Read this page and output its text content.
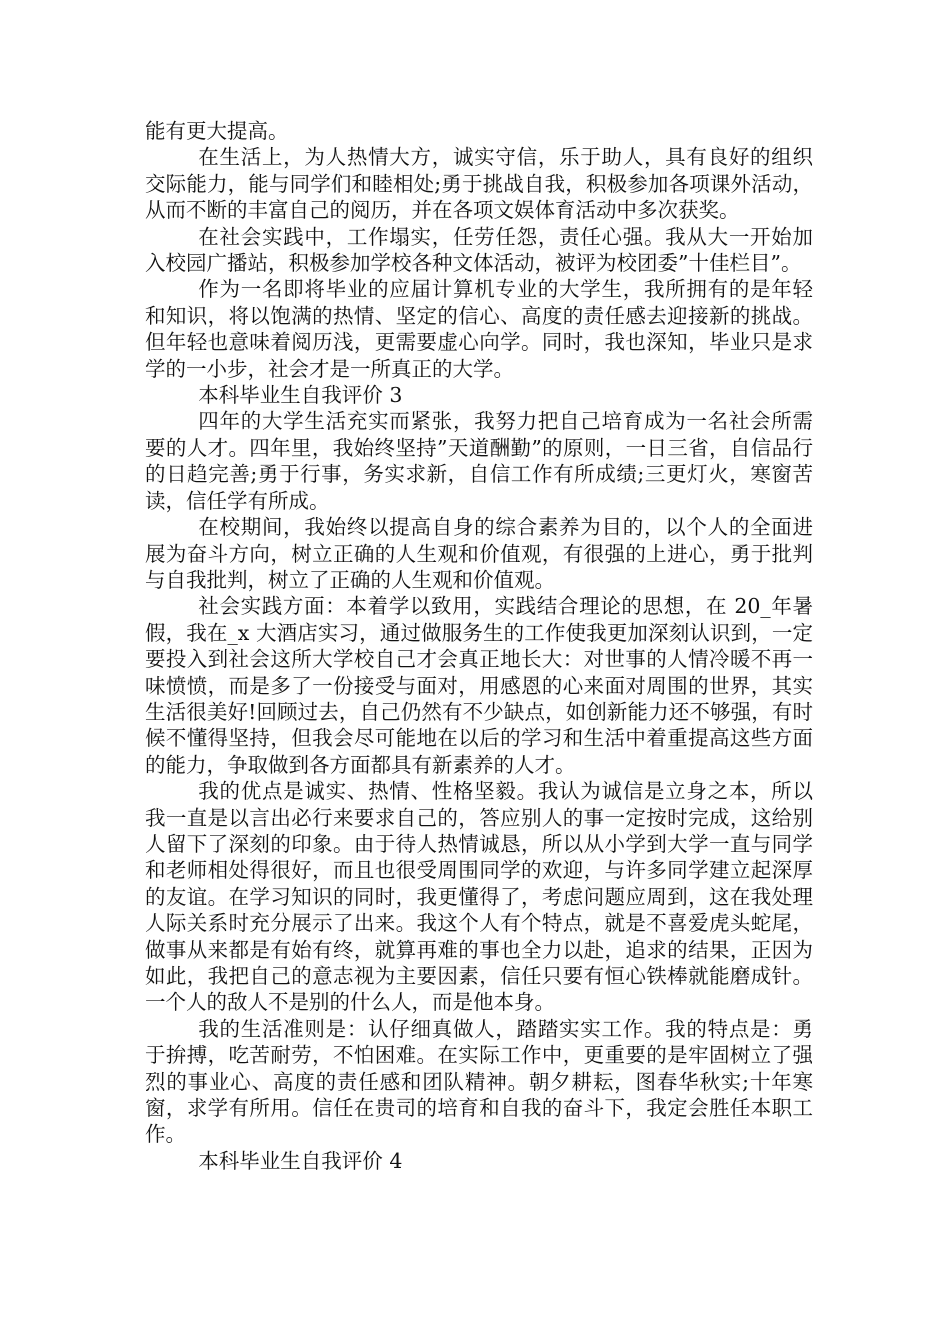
能有更大提高。

在生活上，为人热情大方，诚实守信，乐于助人，具有良好的组织交际能力，能与同学们和睦相处;勇于挑战自我，积极参加各项课外活动，从而不断的丰富自己的阅历，并在各项文娱体育活动中多次获奖。

在社会实践中，工作塌实，任劳任怨，责任心强。我从大一开始加入校园广播站，积极参加学校各种文体活动，被评为校团委”十佳栏目”。

作为一名即将毕业的应届计算机专业的大学生，我所拥有的是年轻和知识，将以饱满的热情、坚定的信心、高度的责任感去迎接新的挑战。但年轻也意味着阅历浅，更需要虚心向学。同时，我也深知，毕业只是求学的一小步，社会才是一所真正的大学。

本科毕业生自我评价 3

四年的大学生活充实而紧张，我努力把自己培育成为一名社会所需要的人才。四年里，我始终坚持”天道酬勤”的原则，一日三省，自信品行的日趋完善;勇于行事，务实求新，自信工作有所成绩;三更灯火，寒窗苦读，信任学有所成。

在校期间，我始终以提高自身的综合素养为目的，以个人的全面进展为奋斗方向，树立正确的人生观和价值观，有很强的上进心，勇于批判与自我批判，树立了正确的人生观和价值观。

社会实践方面：本着学以致用，实践结合理论的思想，在 20_年暑假，我在_x 大酒店实习，通过做服务生的工作使我更加深刻认识到，一定要投入到社会这所大学校自己才会真正地长大：对世事的人情冷暖不再一味愤愤，而是多了一份接受与面对，用感恩的心来面对周围的世界，其实生活很美好!回顾过去，自己仍然有不少缺点，如创新能力还不够强，有时候不懂得坚持，但我会尽可能地在以后的学习和生活中着重提高这些方面的能力，争取做到各方面都具有新素养的人才。

我的优点是诚实、热情、性格坚毅。我认为诚信是立身之本，所以我一直是以言出必行来要求自己的，答应别人的事一定按时完成，这给别人留下了深刻的印象。由于待人热情诚恳，所以从小学到大学一直与同学和老师相处得很好，而且也很受周围同学的欢迎，与许多同学建立起深厚的友谊。在学习知识的同时，我更懂得了，考虑问题应周到，这在我处理人际关系时充分展示了出来。我这个人有个特点，就是不喜爱虎头蛇尾，做事从来都是有始有终，就算再难的事也全力以赴，追求的结果，正因为如此，我把自己的意志视为主要因素，信任只要有恒心铁棒就能磨成针。一个人的敌人不是别的什么人，而是他本身。

我的生活准则是：认仔细真做人，踏踏实实工作。我的特点是：勇于拚搏，吃苦耐劳，不怕困难。在实际工作中，更重要的是牢固树立了强烈的事业心、高度的责任感和团队精神。朝夕耕耘，图春华秋实;十年寒窗，求学有所用。信任在贵司的培育和自我的奋斗下，我定会胜任本职工作。

本科毕业生自我评价 4
